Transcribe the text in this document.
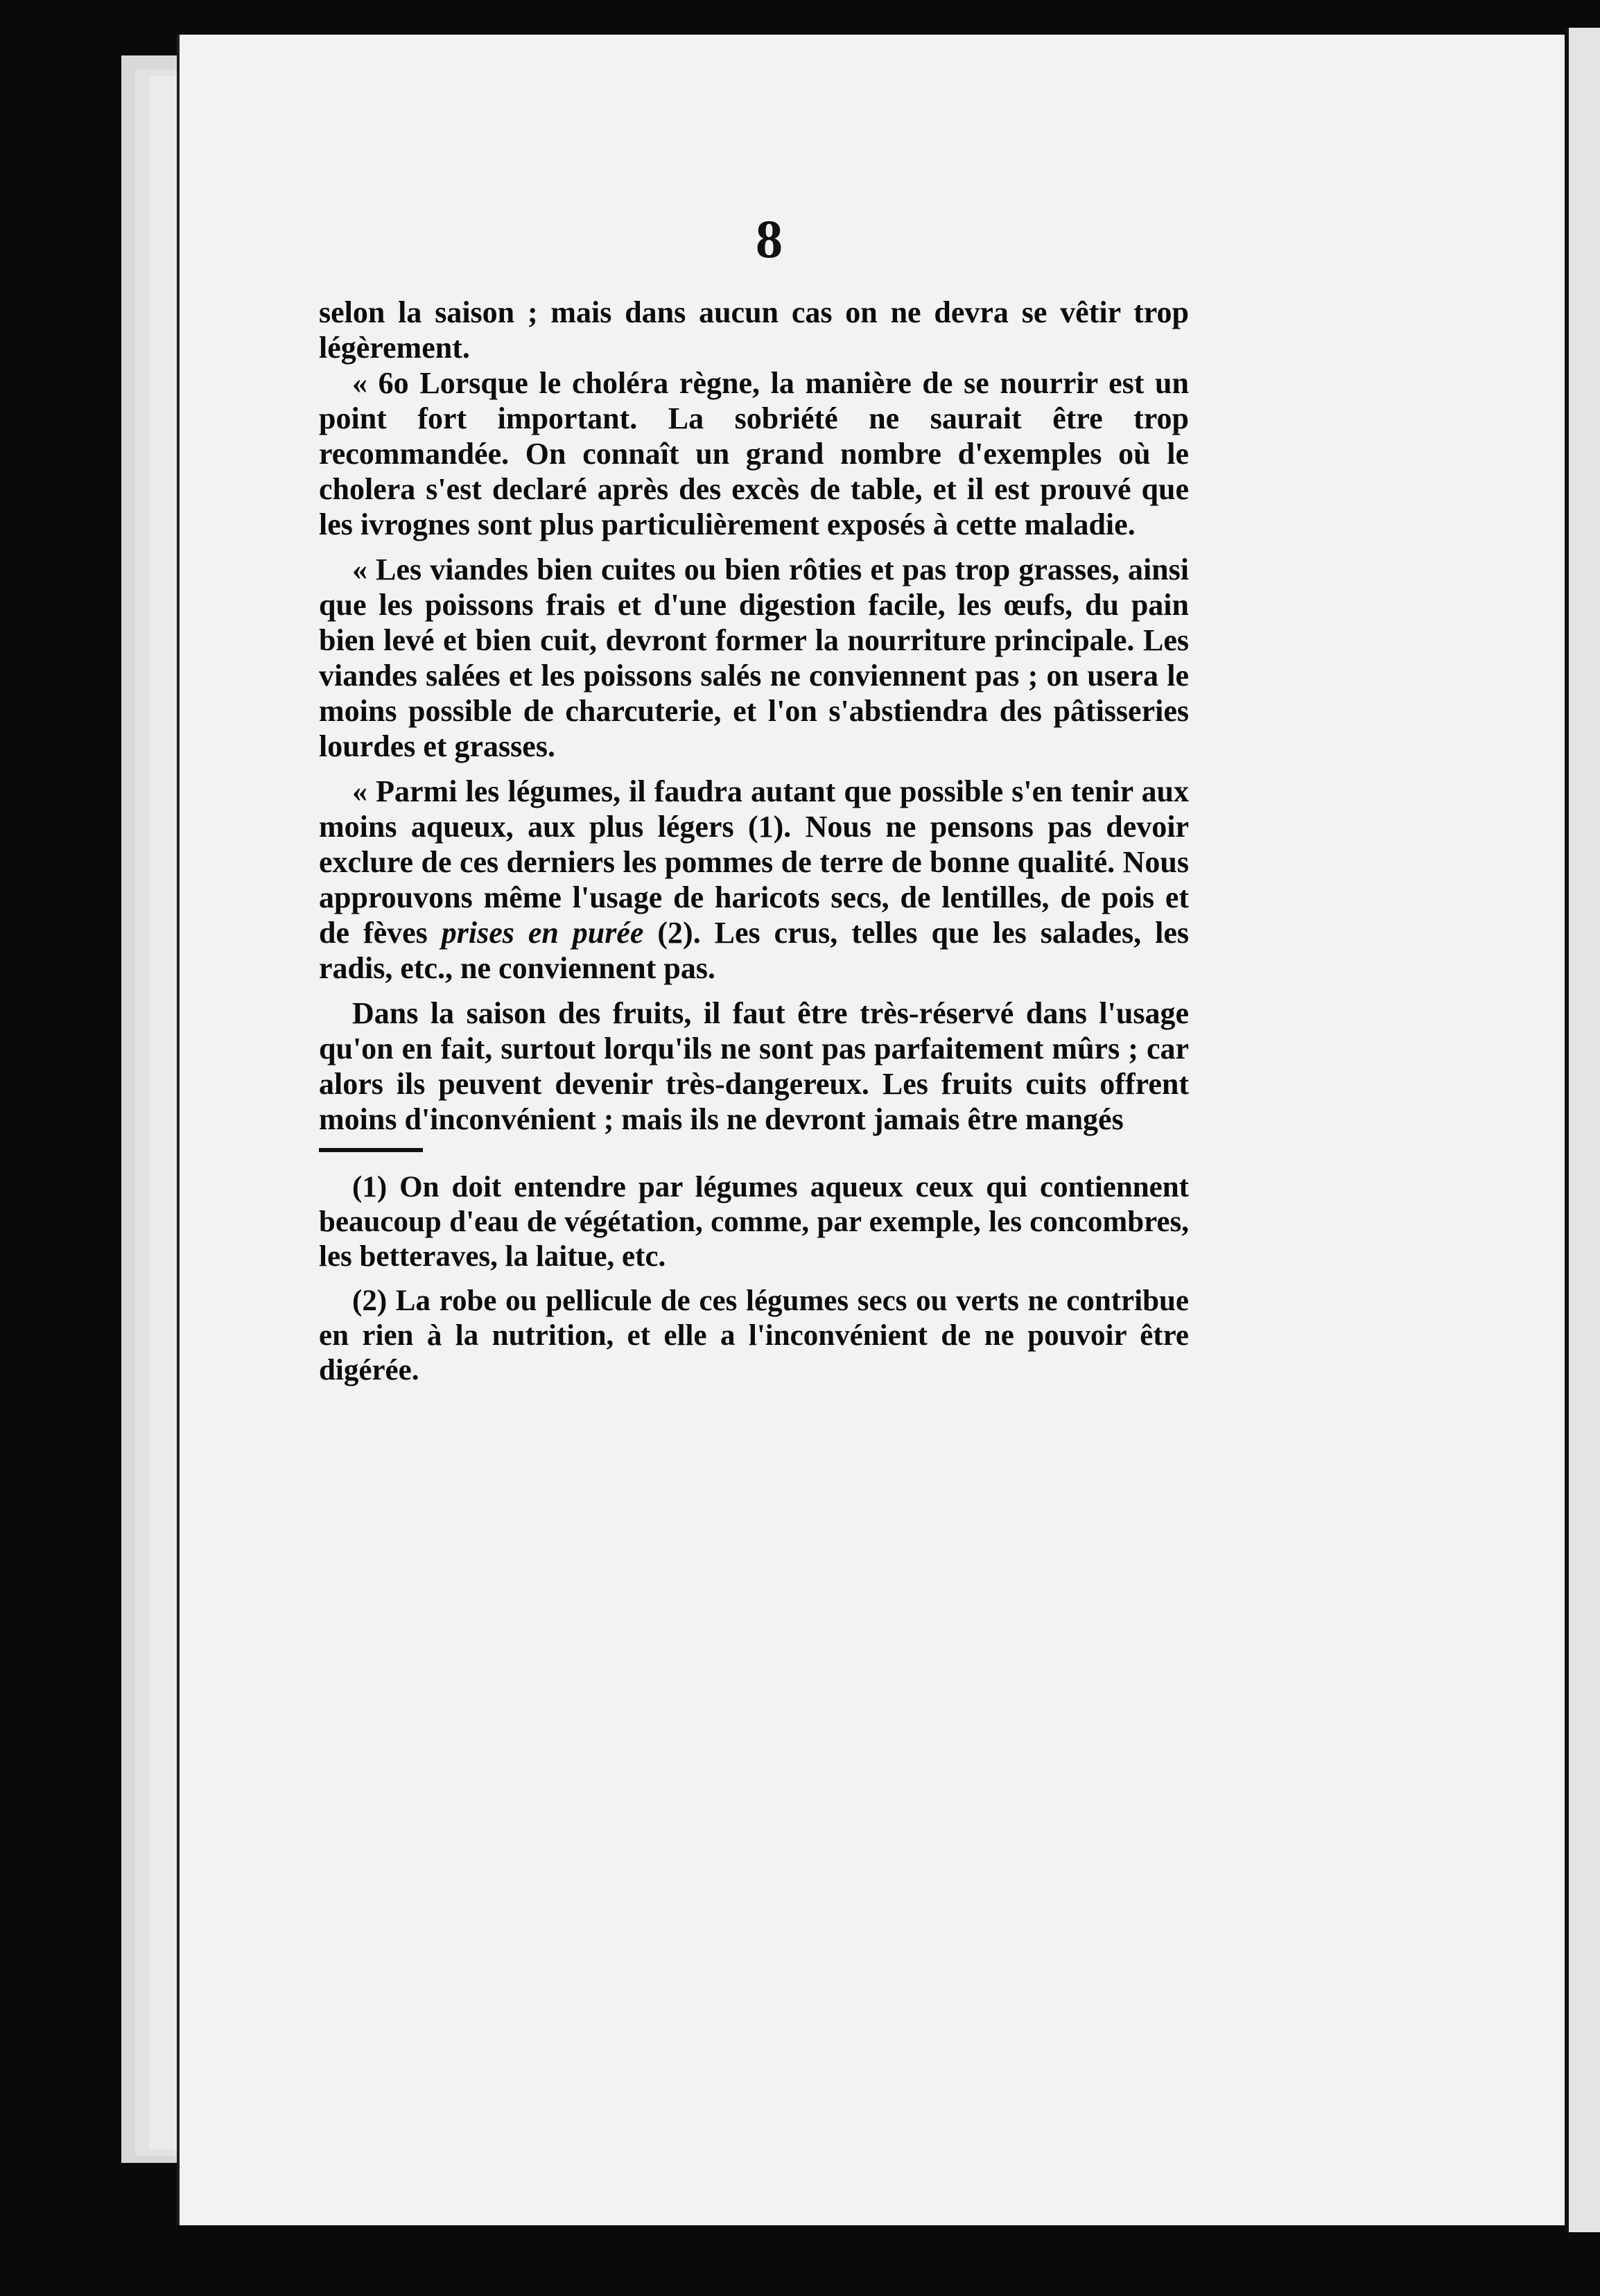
8

selon la saison ; mais dans aucun cas on ne devra se vêtir trop légèrement.

« 6o Lorsque le choléra règne, la manière de se nourrir est un point fort important. La sobriété ne saurait être trop recommandée. On connaît un grand nombre d'exemples où le cholera s'est declaré après des excès de table, et il est prouvé que les ivrognes sont plus particulièrement exposés à cette maladie.

« Les viandes bien cuites ou bien rôties et pas trop grasses, ainsi que les poissons frais et d'une digestion facile, les œufs, du pain bien levé et bien cuit, devront former la nourriture principale. Les viandes salées et les poissons salés ne conviennent pas ; on usera le moins possible de charcuterie, et l'on s'abstiendra des pâtisseries lourdes et grasses.

« Parmi les légumes, il faudra autant que possible s'en tenir aux moins aqueux, aux plus légers (1). Nous ne pensons pas devoir exclure de ces derniers les pommes de terre de bonne qualité. Nous approuvons même l'usage de haricots secs, de lentilles, de pois et de fèves prises en purée (2). Les crus, telles que les salades, les radis, etc., ne conviennent pas.

Dans la saison des fruits, il faut être très-réservé dans l'usage qu'on en fait, surtout lorqu'ils ne sont pas parfaitement mûrs ; car alors ils peuvent devenir très-dangereux. Les fruits cuits offrent moins d'inconvénient ; mais ils ne devront jamais être mangés

(1) On doit entendre par légumes aqueux ceux qui contiennent beaucoup d'eau de végétation, comme, par exemple, les concombres, les betteraves, la laitue, etc.

(2) La robe ou pellicule de ces légumes secs ou verts ne contribue en rien à la nutrition, et elle a l'inconvénient de ne pouvoir être digérée.
